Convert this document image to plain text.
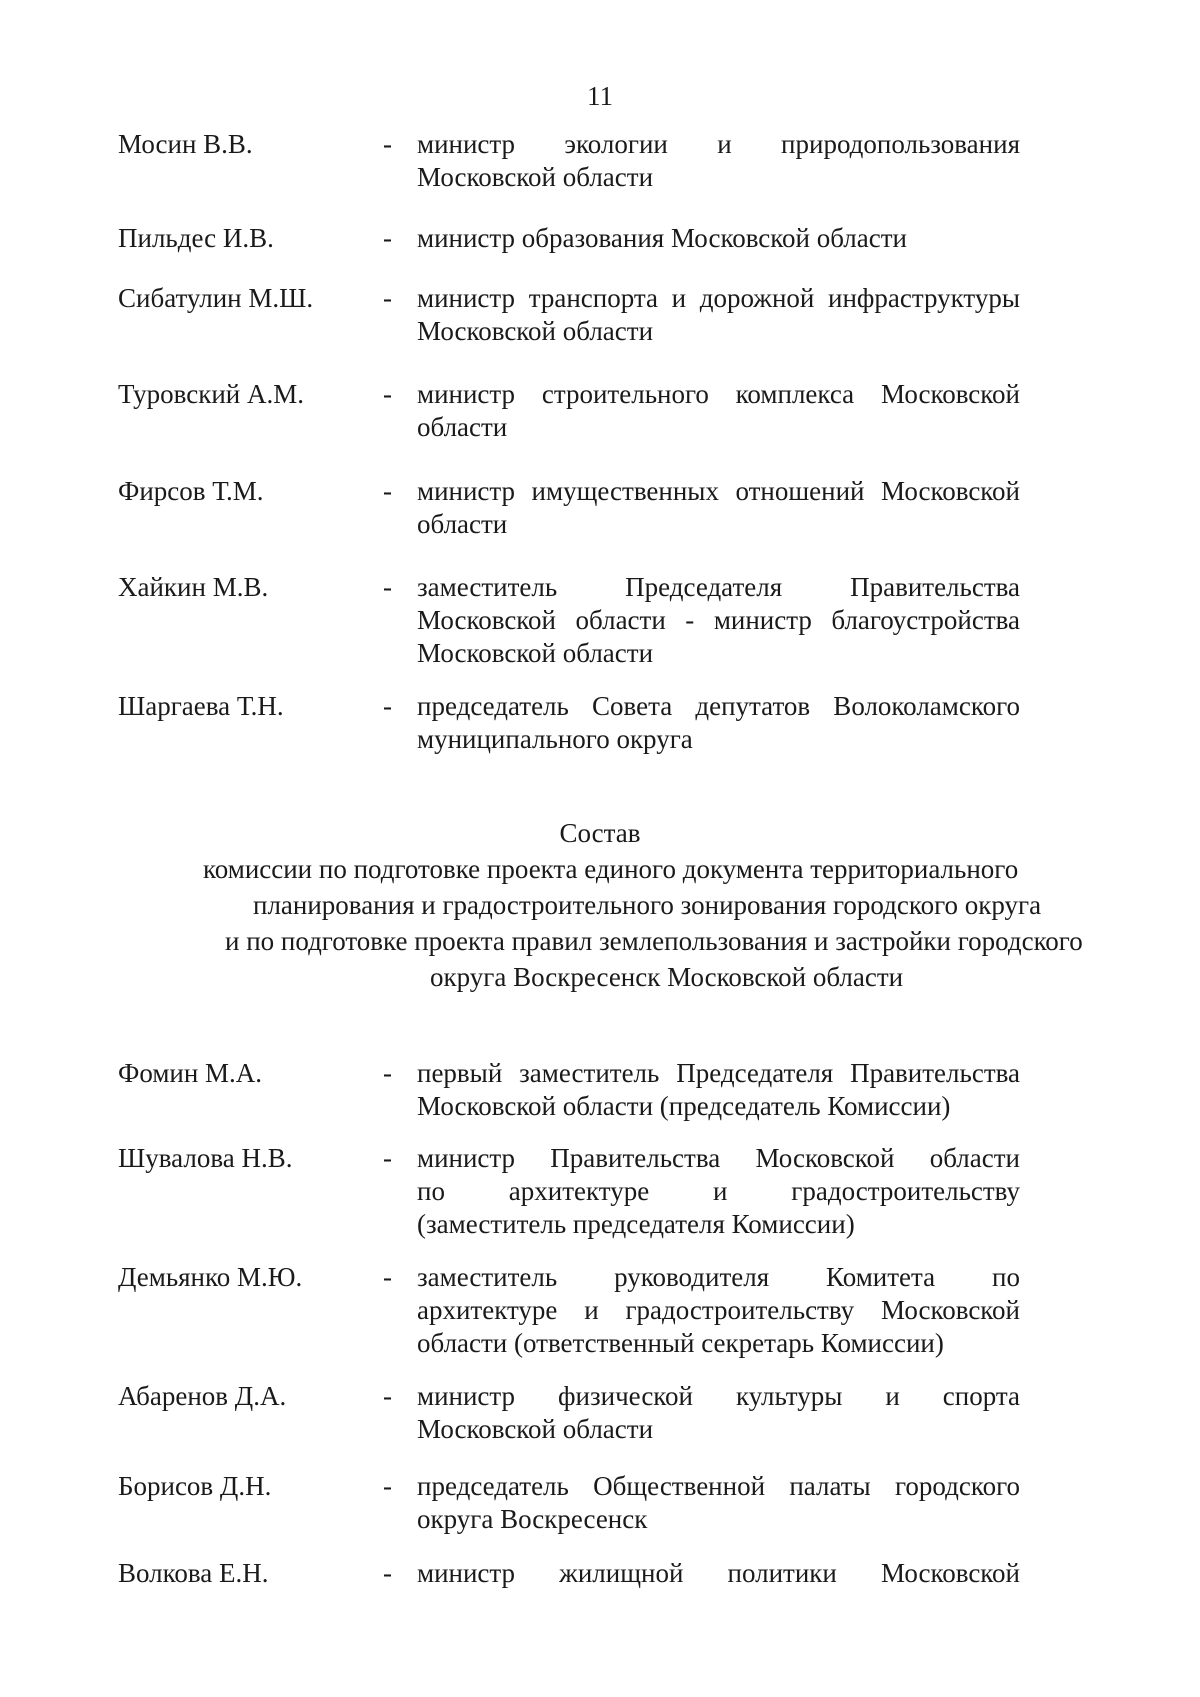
11
Мосин В.В.	- министр экологии и природопользования
Московской области
Пильдес И.В.	- министр образования Московской области
Сибатулин М.Ш.	- министр транспорта и дорожной инфраструктуры
Московской области
Туровский А.М.	- министр строительного комплекса Московской
области
Фирсов Т.М.	- министр имущественных отношений Московской
области
Хайкин М.В.	- заместитель Председателя Правительства
Московской области - министр благоустройства
Московской области
Шаргаева Т.Н.	- председатель Совета депутатов Волоколамского
муниципального округа
Состав
комиссии по подготовке проекта единого документа территориального
планирования и градостроительного зонирования городского округа
и по подготовке проекта правил землепользования и застройки городского
округа Воскресенск Московской области
Фомин М.А.	- первый заместитель Председателя Правительства
Московской области (председатель Комиссии)
Шувалова Н.В.	- министр Правительства Московской области
по архитектуре и градостроительству
(заместитель председателя Комиссии)
Демьянко М.Ю.	- заместитель руководителя Комитета по
архитектуре и градостроительству Московской
области (ответственный секретарь Комиссии)
Абаренов Д.А.	- министр физической культуры и спорта
Московской области
Борисов Д.Н.	- председатель Общественной палаты городского
округа Воскресенск
Волкова Е.Н.	- министр жилищной политики Московской
